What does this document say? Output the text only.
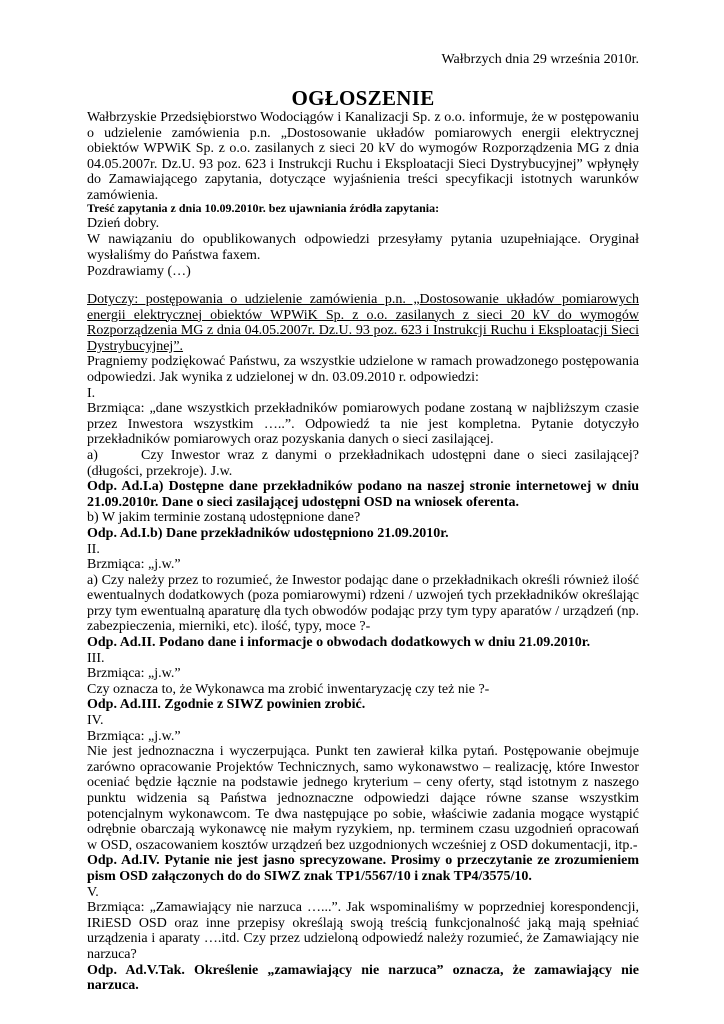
Wałbrzych dnia 29 września 2010r.
OGŁOSZENIE

Wałbrzyskie Przedsiębiorstwo Wodociągów i Kanalizacji Sp. z o.o. informuje, że w postępowaniu o udzielenie zamówienia p.n. „Dostosowanie układów pomiarowych energii elektrycznej obiektów WPWiK Sp. z o.o. zasilanych z sieci 20 kV do wymogów Rozporządzenia MG z dnia 04.05.2007r. Dz.U. 93 poz. 623 i Instrukcji Ruchu i Eksploatacji Sieci Dystrybucyjnej” wpłynęły do Zamawiającego zapytania, dotyczące wyjaśnienia treści specyfikacji istotnych warunków zamówienia.

Treść zapytania z dnia 10.09.2010r. bez ujawniania źródła zapytania:

Dzień dobry.

W nawiązaniu do opublikowanych odpowiedzi przesyłamy pytania uzupełniające. Oryginał wysłaliśmy do Państwa faxem.

Pozdrawiamy (…)

Dotyczy: postępowania o udzielenie zamówienia p.n. „Dostosowanie układów pomiarowych energii elektrycznej obiektów WPWiK Sp. z o.o. zasilanych z sieci 20 kV do wymogów Rozporządzenia MG z dnia 04.05.2007r. Dz.U. 93 poz. 623 i Instrukcji Ruchu i Eksploatacji Sieci Dystrybucyjnej”.

Pragniemy podziękować Państwu, za wszystkie udzielone w ramach prowadzonego postępowania odpowiedzi. Jak wynika z udzielonej w dn. 03.09.2010 r. odpowiedzi:

I.

Brzmiąca: „dane wszystkich przekładników pomiarowych podane zostaną w najbliższym czasie przez Inwestora wszystkim …..”. Odpowiedź ta nie jest kompletna. Pytanie dotyczyło przekładników pomiarowych oraz pozyskania danych o sieci zasilającej.

a)	Czy Inwestor wraz z danymi o przekładnikach udostępni dane o sieci zasilającej? (długości, przekroje). J.w.

Odp. Ad.I.a) Dostępne dane przekładników podano na naszej stronie internetowej w dniu 21.09.2010r. Dane o sieci zasilającej udostępni OSD na wniosek oferenta.

b) W jakim terminie zostaną udostępnione dane?

Odp. Ad.I.b) Dane przekładników udostępniono 21.09.2010r.

II.

Brzmiąca: „j.w.”

a) Czy należy przez to rozumieć, że Inwestor podając dane o przekładnikach określi również ilość ewentualnych dodatkowych (poza pomiarowymi) rdzeni / uzwojeń tych przekładników określając przy tym ewentualną aparaturę dla tych obwodów podając przy tym typy aparatów / urządzeń (np. zabezpieczenia, mierniki, etc). ilość, typy, moce ?-

Odp. Ad.II. Podano dane i informacje o obwodach dodatkowych w dniu 21.09.2010r.

III.

Brzmiąca: „j.w.”

Czy oznacza to, że Wykonawca ma zrobić inwentaryzację czy też nie ?-

Odp. Ad.III. Zgodnie z SIWZ powinien zrobić.

IV.

Brzmiąca: „j.w.”

Nie jest jednoznaczna i wyczerpująca. Punkt ten zawierał kilka pytań. Postępowanie obejmuje zarówno opracowanie Projektów Technicznych, samo wykonawstwo – realizację, które Inwestor oceniać będzie łącznie na podstawie jednego kryterium – ceny oferty, stąd istotnym z naszego punktu widzenia są Państwa jednoznaczne odpowiedzi dające równe szanse wszystkim potencjalnym wykonawcom. Te dwa następujące po sobie, właściwie zadania mogące wystąpić odrębnie obarczają wykonawcę nie małym ryzykiem, np. terminem czasu uzgodnień opracowań w OSD, oszacowaniem kosztów urządzeń bez uzgodnionych wcześniej z OSD dokumentacji, itp.-

Odp. Ad.IV. Pytanie nie jest jasno sprecyzowane. Prosimy o przeczytanie ze zrozumieniem pism OSD załączonych do do SIWZ znak TP1/5567/10 i znak TP4/3575/10.

V.

Brzmiąca: „Zamawiający nie narzuca …...”. Jak wspominaliśmy w poprzedniej korespondencji, IRiESD OSD oraz inne przepisy określają swoją treścią funkcjonalność jaką mają spełniać urządzenia i aparaty ….itd. Czy przez udzieloną odpowiedź należy rozumieć, że Zamawiający nie narzuca?

Odp. Ad.V.Tak. Określenie „zamawiający nie narzuca” oznacza, że zamawiający nie narzuca.
